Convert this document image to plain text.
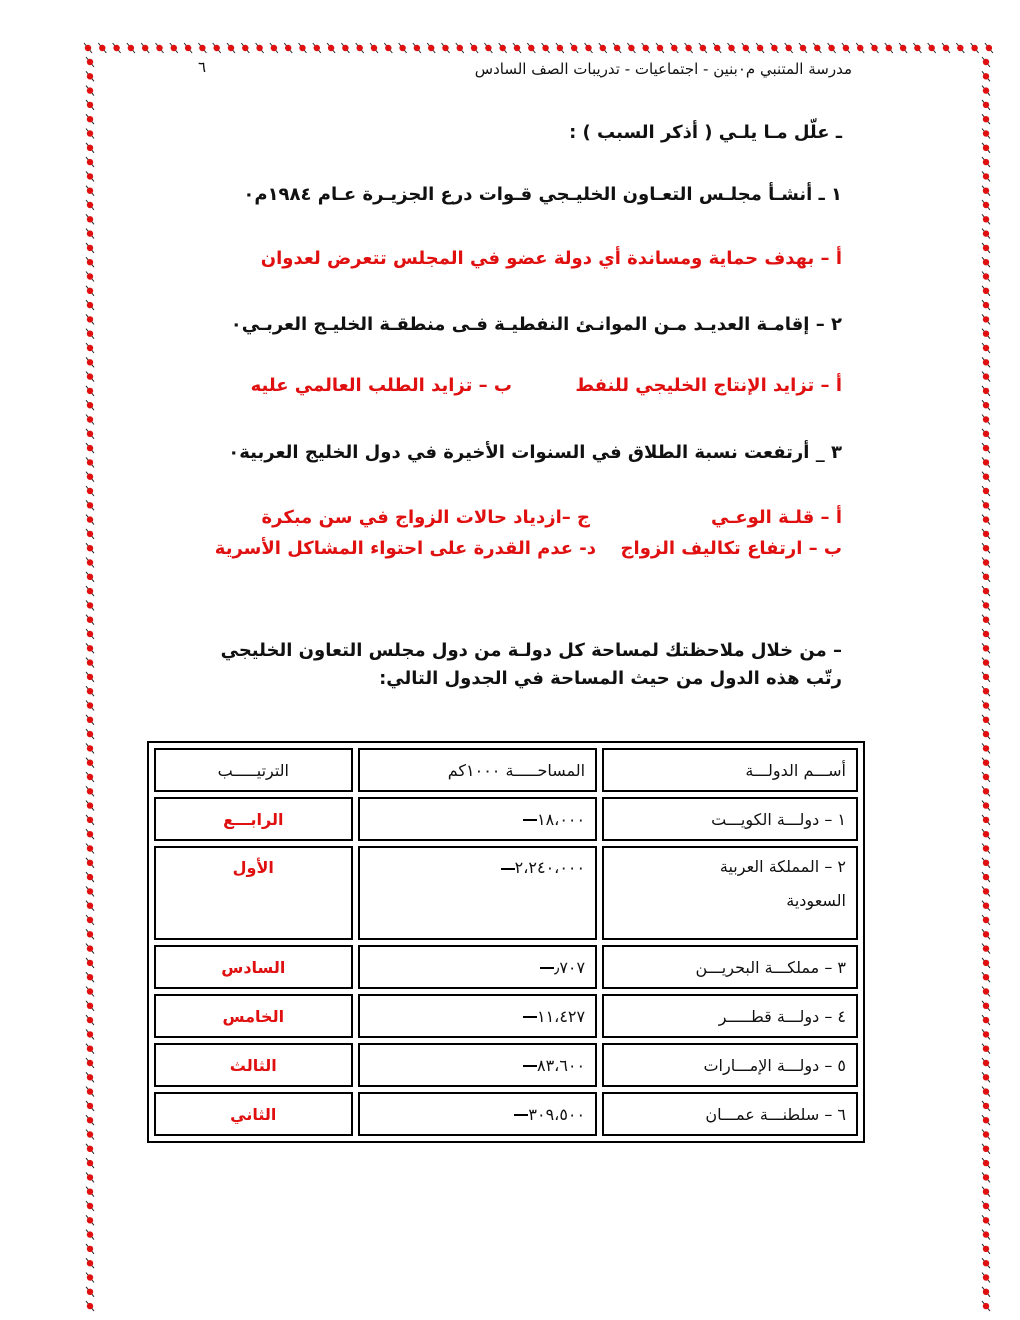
مدرسة المتنبي م٠بنين - اجتماعيات - تدريبات الصف السادس
٦
ـ علّل مـا يلـي ( أذكر السبب ) :
١ ـ أنشـأ مجلـس التعـاون الخليـجي قـوات درع الجزيـرة عـام ١٩٨٤م٠
أ – بهدف حماية ومساندة أي دولة عضو في المجلس تتعرض لعدوان
٢ – إقامـة العديـد مـن الموانـئ النفطيـة فـى منطقـة الخليـج العربـي٠
أ – تزايد الإنتاج الخليجي للنفط
ب – تزايد الطلب العالمي عليه
٣ _ أرتفعت نسبة الطلاق في السنوات الأخيرة في دول الخليج العربية٠
أ – قلـة الوعـي
ج –ازدياد حالات الزواج في سن مبكرة
ب – ارتفاع تكاليف الزواج
د- عدم القدرة على احتواء المشاكل الأسرية
– من خلال ملاحظتك لمساحة كل دولـة من دول مجلس التعاون الخليجي
رتّب هذه الدول من حيث المساحة في الجدول التالي:
أســـم الدولـــة	المساحـــــة ١٠٠٠كم	الترتيـــــب
١ – دولـــة الكويـــت	١٨،٠٠٠	الرابـــع

٢ – المملكة العربية
السعودية	٢،٢٤٠،٠٠٠	الأول
٣ – مملكـــة البحريـــن	٫٧٠٧	السادس
٤ – دولـــة قطـــــر	١١،٤٢٧	الخامس
٥ – دولـــة الإمـــارات	٨٣،٦٠٠	الثالث
٦ – سلطنـــة عمـــان	٣٠٩،٥٠٠	الثاني
